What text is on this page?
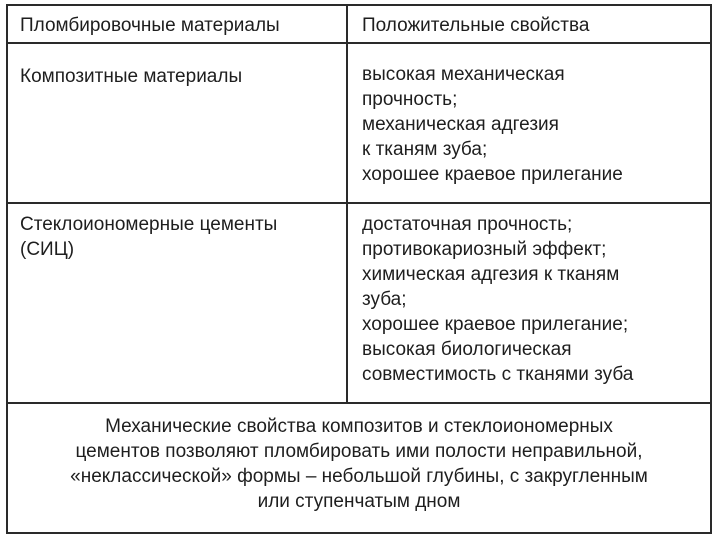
Пломбировочные материалы	Положительные свойства
Композитные материалы	высокая механическая
прочность;
механическая адгезия
к тканям зуба;
хорошее краевое прилегание
Стеклоиономерные цементы
(СИЦ)
достаточная прочность;
противокариозный эффект;
химическая адгезия к тканям
зуба;
хорошее краевое прилегание;
высокая биологическая
совместимость с тканями зуба
Механические свойства композитов и стеклоиономерных
цементов позволяют пломбировать ими полости неправильной,
«неклассической» формы – небольшой глубины, с закругленным
или ступенчатым дном
